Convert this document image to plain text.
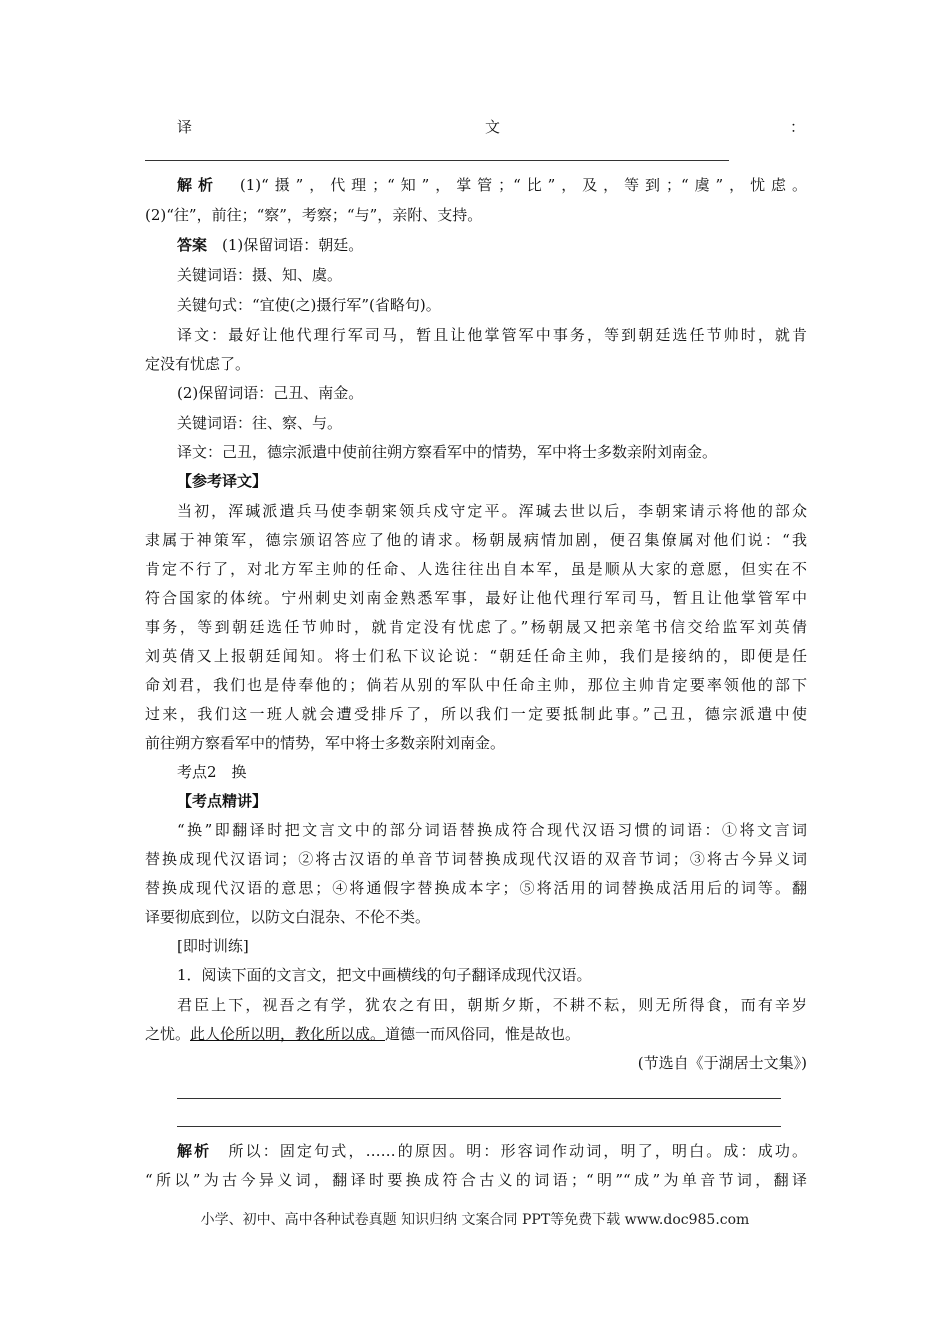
译	文	：
解析　 (1)“摄”，代理；“知”，掌管；“比”，及，等到；“虞”，忧虑。
(2)“往”，前往；“察”，考察；“与”，亲附、支持。
答案　 (1)保留词语：朝廷。
关键词语：摄、知、虞。
关键句式：“宜使(之)摄行军”(省略句)。
译文：最好让他代理行军司马，暂且让他掌管军中事务，等到朝廷选任节帅时，就肯
定没有忧虑了。
(2)保留词语：己丑、南金。
关键词语：往、察、与。
译文：己丑，德宗派遣中使前往朔方察看军中的情势，军中将士多数亲附刘南金。
【参考译文】
当初，浑瑊派遣兵马使李朝宷领兵戍守定平。浑瑊去世以后，李朝宷请示将他的部众
隶属于神策军，德宗颁诏答应了他的请求。杨朝晟病情加剧，便召集僚属对他们说：“我
肯定不行了，对北方军主帅的任命、人选往往出自本军，虽是顺从大家的意愿，但实在不
符合国家的体统。宁州刺史刘南金熟悉军事，最好让他代理行军司马，暂且让他掌管军中
事务，等到朝廷选任节帅时，就肯定没有忧虑了。”杨朝晟又把亲笔书信交给监军刘英倩
刘英倩又上报朝廷闻知。将士们私下议论说：“朝廷任命主帅，我们是接纳的，即便是任
命刘君，我们也是侍奉他的；倘若从别的军队中任命主帅，那位主帅肯定要率领他的部下
过来，我们这一班人就会遭受排斥了，所以我们一定要抵制此事。”己丑，德宗派遣中使
前往朔方察看军中的情势，军中将士多数亲附刘南金。
考点2　换
【考点精讲】
“换”即翻译时把文言文中的部分词语替换成符合现代汉语习惯的词语：①将文言词
替换成现代汉语词；②将古汉语的单音节词替换成现代汉语的双音节词；③将古今异义词
替换成现代汉语的意思；④将通假字替换成本字；⑤将活用的词替换成活用后的词等。翻
译要彻底到位，以防文白混杂、不伦不类。
[即时训练]
1．阅读下面的文言文，把文中画横线的句子翻译成现代汉语。
君臣上下，视吾之有学，犹农之有田，朝斯夕斯，不耕不耘，则无所得食，而有辛岁
之忧。此人伦所以明，教化所以成。道德一而风俗同，惟是故也。
(节选自《于湖居士文集》)
解析　 所以：固定句式，……的原因。明：形容词作动词，明了，明白。成：成功。
“所以”为古今异义词，翻译时要换成符合古义的词语；“明”“成”为单音节词，翻译
小学、初中、高中各种试卷真题 知识归纳 文案合同 PPT等免费下载 www.doc985.com
